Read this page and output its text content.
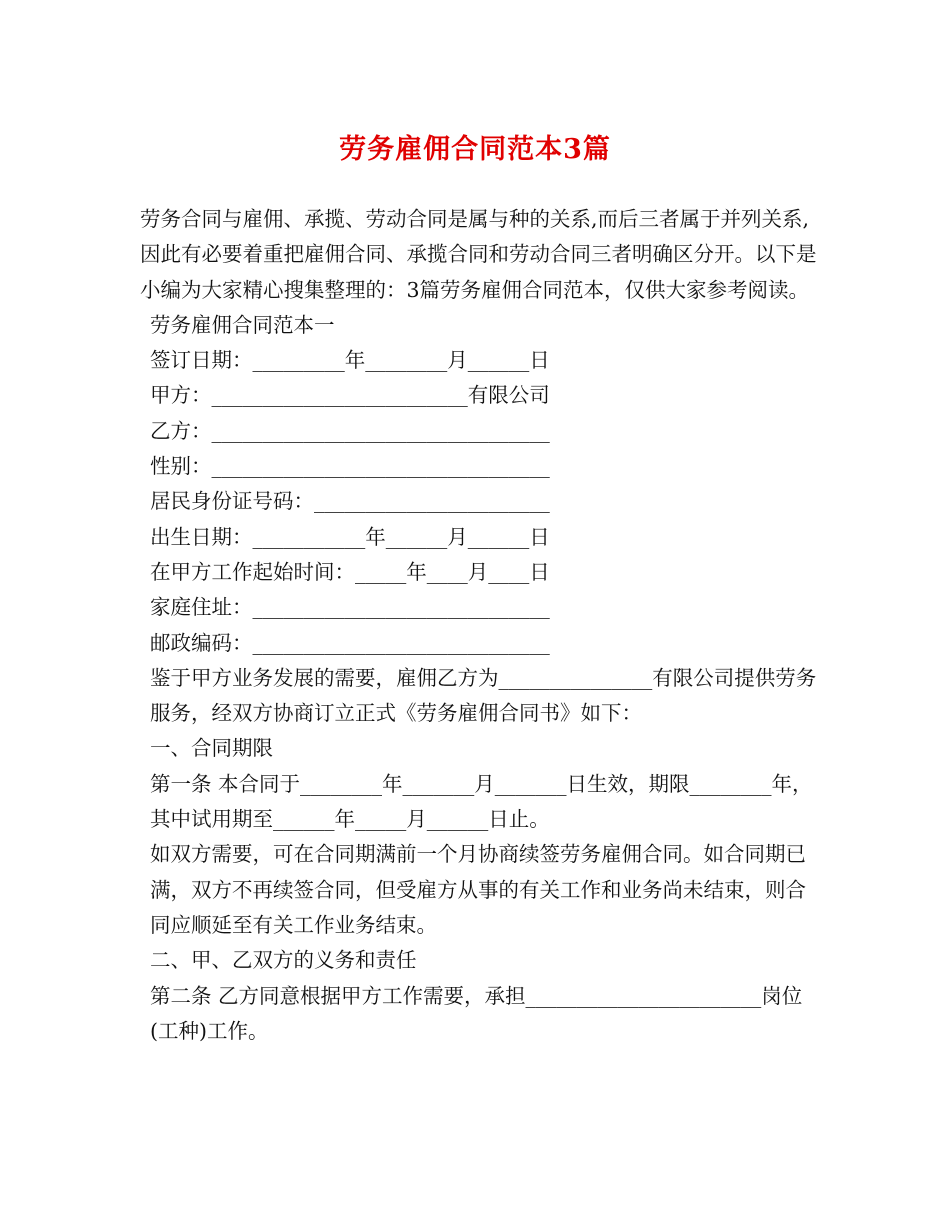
劳务雇佣合同范本3篇

劳务合同与雇佣、承揽、劳动合同是属与种的关系,而后三者属于并列关系,因此有必要着重把雇佣合同、承揽合同和劳动合同三者明确区分开。以下是小编为大家精心搜集整理的：3篇劳务雇佣合同范本，仅供大家参考阅读。

劳务雇佣合同范本一

签订日期：_________年________月______日

甲方：_________________________有限公司

乙方：_________________________________

性别：_________________________________

居民身份证号码：_______________________

出生日期：___________年______月______日

在甲方工作起始时间：_____年____月____日

家庭住址：_____________________________

邮政编码：_____________________________

鉴于甲方业务发展的需要，雇佣乙方为_______________有限公司提供劳务服务，经双方协商订立正式《劳务雇佣合同书》如下：

一、合同期限

第一条 本合同于________年_______月_______日生效，期限________年，其中试用期至______年_____月______日止。

如双方需要，可在合同期满前一个月协商续签劳务雇佣合同。如合同期已满，双方不再续签合同，但受雇方从事的有关工作和业务尚未结束，则合同应顺延至有关工作业务结束。

二、甲、乙双方的义务和责任

第二条 乙方同意根据甲方工作需要，承担_______________________岗位(工种)工作。
